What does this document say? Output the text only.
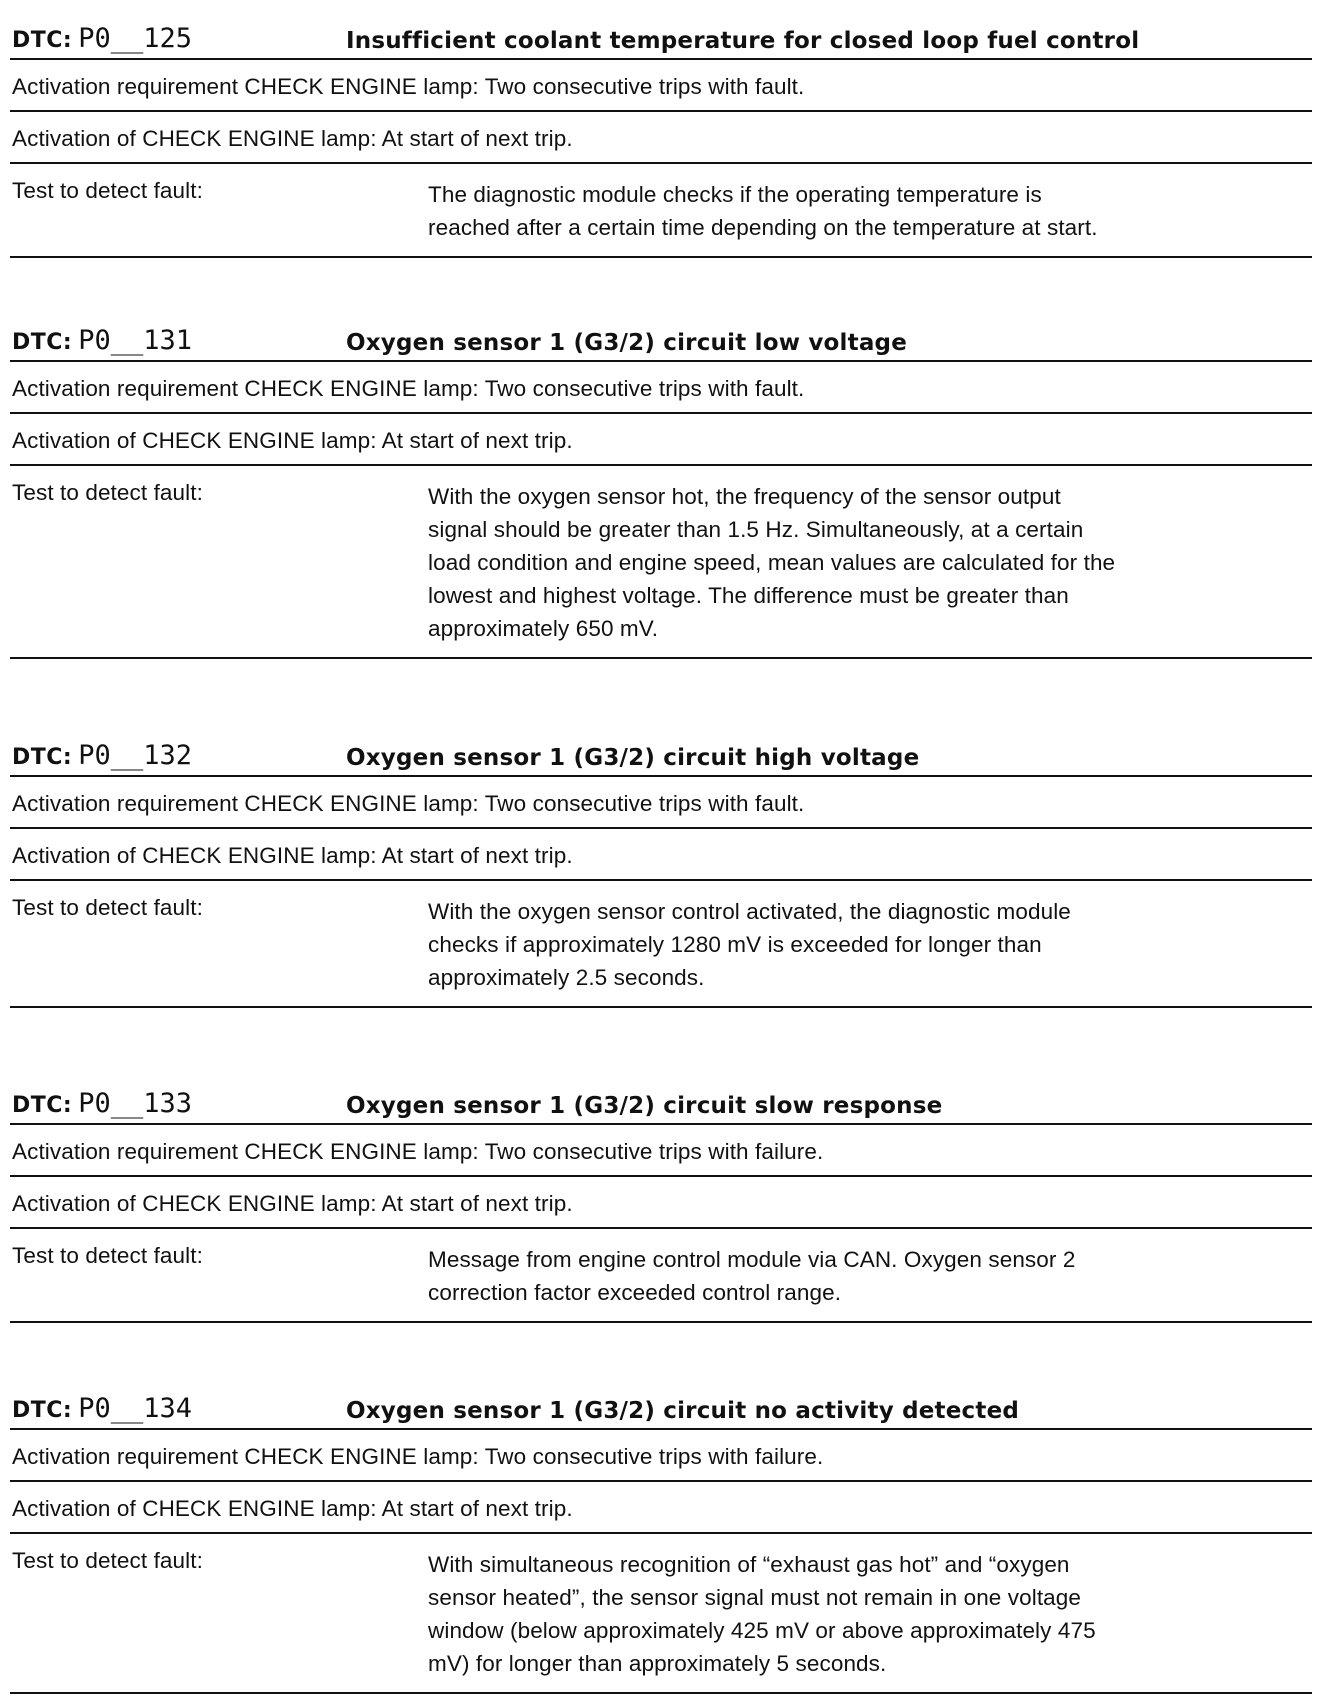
DTC: P0__125	Insufficient coolant temperature for closed loop fuel control
Activation requirement CHECK ENGINE lamp: Two consecutive trips with fault.
Activation of CHECK ENGINE lamp: At start of next trip.
Test to detect fault:	The diagnostic module checks if the operating temperature is
reached after a certain time depending on the temperature at start.
DTC: P0__131	Oxygen sensor 1 (G3/2) circuit low voltage
Activation requirement CHECK ENGINE lamp: Two consecutive trips with fault.
Activation of CHECK ENGINE lamp: At start of next trip.
Test to detect fault:	With the oxygen sensor hot, the frequency of the sensor output
signal should be greater than 1.5 Hz. Simultaneously, at a certain
load condition and engine speed, mean values are calculated for the
lowest and highest voltage. The difference must be greater than
approximately 650 mV.
DTC: P0__132	Oxygen sensor 1 (G3/2) circuit high voltage
Activation requirement CHECK ENGINE lamp: Two consecutive trips with fault.
Activation of CHECK ENGINE lamp: At start of next trip.
Test to detect fault:	With the oxygen sensor control activated, the diagnostic module
checks if approximately 1280 mV is exceeded for longer than
approximately 2.5 seconds.
DTC: P0__133	Oxygen sensor 1 (G3/2) circuit slow response
Activation requirement CHECK ENGINE lamp: Two consecutive trips with failure.
Activation of CHECK ENGINE lamp: At start of next trip.
Test to detect fault:	Message from engine control module via CAN. Oxygen sensor 2
correction factor exceeded control range.
DTC: P0__134	Oxygen sensor 1 (G3/2) circuit no activity detected
Activation requirement CHECK ENGINE lamp: Two consecutive trips with failure.
Activation of CHECK ENGINE lamp: At start of next trip.
Test to detect fault:	With simultaneous recognition of “exhaust gas hot” and “oxygen
sensor heated”, the sensor signal must not remain in one voltage
window (below approximately 425 mV or above approximately 475
mV) for longer than approximately 5 seconds.
